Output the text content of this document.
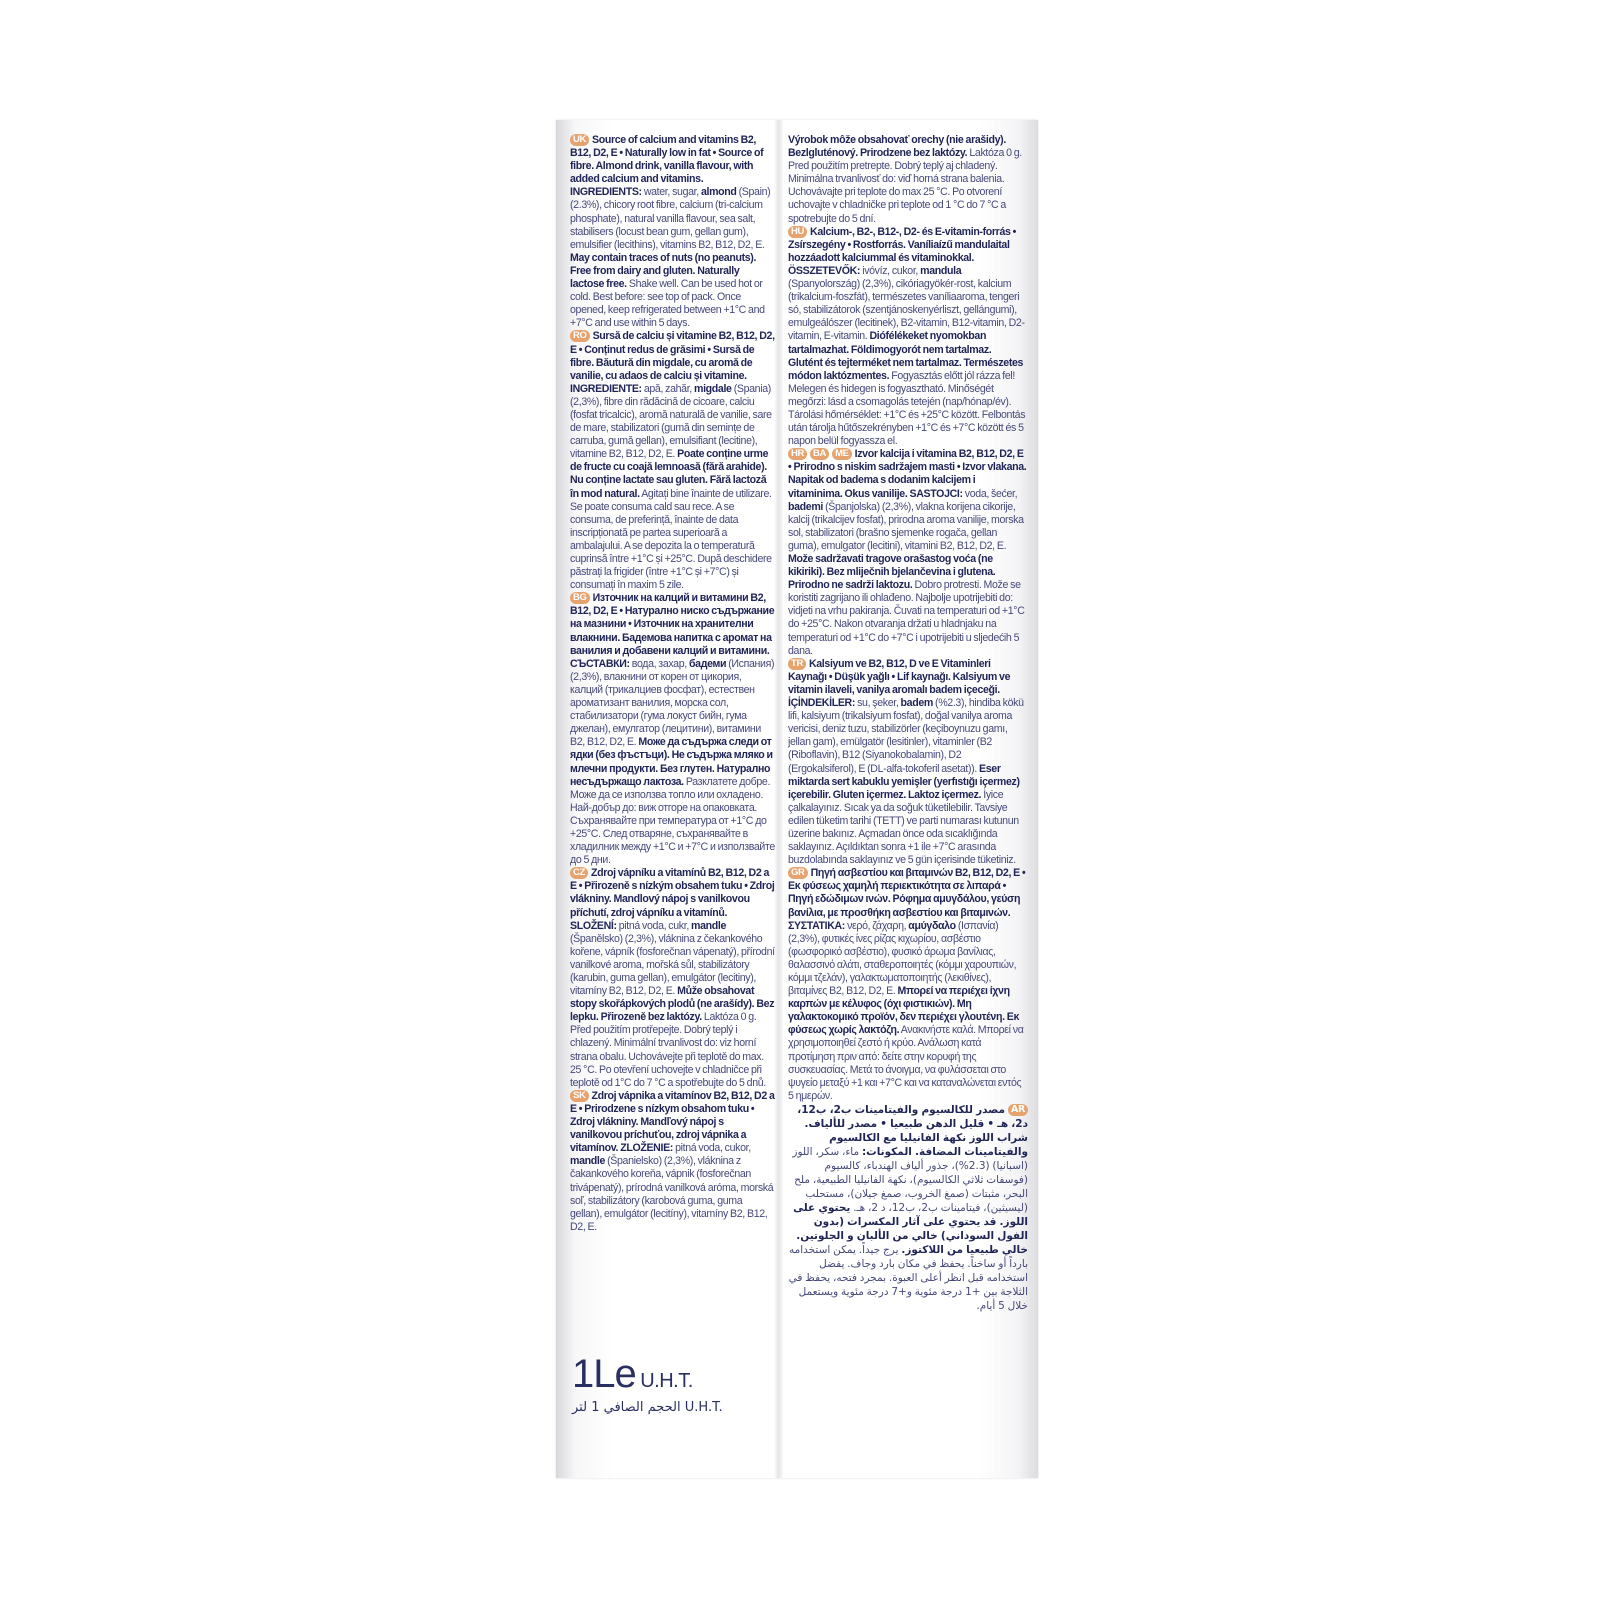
UK Source of calcium and vitamins B2, B12, D2, E • Naturally low in fat • Source of fibre. Almond drink, vanilla flavour, with added calcium and vitamins. INGREDIENTS: water, sugar, almond (Spain) (2.3%), chicory root fibre, calcium (tri-calcium phosphate), natural vanilla flavour, sea salt, stabilisers (locust bean gum, gellan gum), emulsifier (lecithins), vitamins B2, B12, D2, E. May contain traces of nuts (no peanuts). Free from dairy and gluten. Naturally lactose free. Shake well. Can be used hot or cold. Best before: see top of pack. Once opened, keep refrigerated between +1°C and +7°C and use within 5 days.

RO Sursă de calciu și vitamine B2, B12, D2, E • Conținut redus de grăsimi • Sursă de fibre. Băutură din migdale, cu aromă de vanilie, cu adaos de calciu și vitamine. INGREDIENTE: apă, zahăr, migdale (Spania) (2,3%), fibre din rădăcină de cicoare, calciu (fosfat tricalcic), aromă naturală de vanilie, sare de mare, stabilizatori (gumă din semințe de carruba, gumă gellan), emulsifiant (lecitine), vitamine B2, B12, D2, E. Poate conține urme de fructe cu coajă lemnoasă (fără arahide). Nu conține lactate sau gluten. Fără lactoză în mod natural. Agitați bine înainte de utilizare. Se poate consuma cald sau rece. A se consuma, de preferință, înainte de data inscripționată pe partea superioară a ambalajului. A se depozita la o temperatură cuprinsă între +1°C și +25°C. După deschidere păstrați la frigider (între +1°C și +7°C) și consumați în maxim 5 zile.

BG Източник на калций и витамини B2, B12, D2, E • Натурално ниско съдържание на мазнини • Източник на хранителни влакнини. Бадемова напитка с аромат на ванилия и добавени калций и витамини. СЪСТАВКИ: вода, захар, бадеми (Испания) (2,3%), влакнини от корен от цикория, калций (трикалциев фосфат), естествен аромaтизант ванилия, морска сол, стабилизатори (гума локуст бийн, гума джелан), емулгатор (лецитини), витамини B2, B12, D2, E. Може да съдържа следи от ядки (без фъстъци). Не съдържа мляко и млечни продукти. Без глутен. Натурално несъдържащо лактоза. Разклатете добре. Може да се използва топло или охладено. Най-добър до: виж отгоре на опаковката. Съхранявайте при температура от +1°C до +25°C. След отваряне, съхранявайте в хладилник между +1°C и +7°C и използвайте до 5 дни.

CZ Zdroj vápníku a vitamínů B2, B12, D2 a E • Přirozeně s nízkým obsahem tuku • Zdroj vlákniny. Mandlový nápoj s vanilkovou příchutí, zdroj vápníku a vitamínů. SLOŽENÍ: pitná voda, cukr, mandle (Španělsko) (2,3%), vláknina z čekankového kořene, vápník (fosforečnan vápenatý), přírodní vanilkové aroma, mořská sůl, stabilizátory (karubin, guma gellan), emulgátor (lecitiny), vitamíny B2, B12, D2, E. Může obsahovat stopy skořápkových plodů (ne arašídy). Bez lepku. Přirozeně bez laktózy. Laktóza 0 g. Před použitím protřepejte. Dobrý teplý i chlazený. Minimální trvanlivost do: viz horní strana obalu. Uchovávejte při teplotě do max. 25 °C. Po otevření uchovejte v chladničce při teplotě od 1°C do 7 °C a spotřebujte do 5 dnů.

SK Zdroj vápnika a vitamínov B2, B12, D2 a E • Prirodzene s nízkym obsahom tuku • Zdroj vlákniny. Mandľový nápoj s vanilkovou príchuťou, zdroj vápnika a vitamínov. ZLOŽENIE: pitná voda, cukor, mandle (Španielsko) (2,3%), vláknina z čakankového koreňa, vápnik (fosforečnan trivápenatý), prírodná vanilková aróma, morská soľ, stabilizátory (karobová guma, guma gellan), emulgátor (lecitíny), vitamíny B2, B12, D2, E.

Výrobok môže obsahovať orechy (nie arašidy). Bezlgluténový. Prirodzene bez laktózy. Laktóza 0 g. Pred použitím pretrepte. Dobrý teplý aj chladený. Minimálna trvanlivosť do: viď horná strana balenia. Uchovávajte pri teplote do max 25 °C. Po otvorení uchovajte v chladničke pri teplote od 1 °C do 7 °C a spotrebujte do 5 dní.

HU Kalcium-, B2-, B12-, D2- és E-vitamin-forrás • Zsírszegény • Rostforrás. Vaníliaízű mandulaital hozzáadott kalciummal és vitaminokkal. ÖSSZETEVŐK: ivóvíz, cukor, mandula (Spanyolország) (2,3%), cikóriagyökér-rost, kalcium (trikalcium-foszfát), természetes vaníliaaroma, tengeri só, stabilizátorok (szentjánoskenyérliszt, gellángumi), emulgeálószer (lecitinek), B2-vitamin, B12-vitamin, D2-vitamin, E-vitamin. Diófélékeket nyomokban tartalmazhat. Földimogyorót nem tartalmaz. Glutént és tejterméket nem tartalmaz. Természetes módon laktózmentes. Fogyasztás előtt jól rázza fel! Melegen és hidegen is fogyasztható. Minőségét megőrzi: lásd a csomagolás tetején (nap/hónap/év). Tárolási hőmérséklet: +1°C és +25°C között. Felbontás után tárolja hűtőszekrényben +1°C és +7°C között és 5 napon belül fogyassza el.

HR BA ME Izvor kalcija i vitamina B2, B12, D2, E • Prirodno s niskim sadržajem masti • Izvor vlakana. Napitak od badema s dodanim kalcijem i vitaminima. Okus vanilije. SASTOJCI: voda, šećer, bademi (Španjolska) (2,3%), vlakna korijena cikorije, kalcij (trikalcijev fosfat), prirodna aroma vanilije, morska sol, stabilizatori (brašno sjemenke rogača, gellan guma), emulgator (lecitini), vitamini B2, B12, D2, E. Može sadržavati tragove orašastog voća (ne kikiriki). Bez mliječnih bjelančevina i glutena. Prirodno ne sadrži laktozu. Dobro protresti. Može se koristiti zagrijano ili ohlađeno. Najbolje upotrijebiti do: vidjeti na vrhu pakiranja. Čuvati na temperaturi od +1°C do +25°C. Nakon otvaranja držati u hladnjaku na temperaturi od +1°C do +7°C i upotrijebiti u sljedećih 5 dana.

TR Kalsiyum ve B2, B12, D ve E Vitaminleri Kaynağı • Düşük yağlı • Lif kaynağı. Kalsiyum ve vitamin ilaveli, vanilya aromalı badem içeceği. İÇİNDEKİLER: su, şeker, badem (%2.3), hindiba kökü lifi, kalsiyum (trikalsiyum fosfat), doğal vanilya aroma vericisi, deniz tuzu, stabilizörler (keçiboynuzu gamı, jellan gam), emülgatör (lesitinler), vitaminler (B2 (Riboflavin), B12 (Siyanokobalamin), D2 (Ergokalsiferol), E (DL-alfa-tokoferil asetat)). Eser miktarda sert kabuklu yemişler (yerfıstığı içermez) içerebilir. Gluten içermez. Laktoz içermez. İyice çalkalayınız. Sıcak ya da soğuk tüketilebilir. Tavsiye edilen tüketim tarihi (TETT) ve parti numarası kutunun üzerine bakınız. Açmadan önce oda sıcaklığında saklayınız. Açıldıktan sonra +1 ile +7°C arasında buzdolabında saklayınız ve 5 gün içerisinde tüketiniz.

GR Πηγή ασβεστίου και βιταμινών B2, B12, D2, E • Εκ φύσεως χαμηλή περιεκτικότητα σε λιπαρά • Πηγή εδώδιμων ινών. Ρόφημα αμυγδάλου, γεύση βανίλια, με προσθήκη ασβεστίου και βιταμινών. ΣΥΣΤΑΤΙΚΑ: νερό, ζάχαρη, αμύγδαλο (Ισπανία) (2,3%), φυτικές ίνες ρίζας κιχωρίου, ασβέστιο (φωσφορικό ασβέστιο), φυσικό άρωμα βανίλιας, θαλασσινό αλάτι, σταθεροποιητές (κόμμι χαρουπιών, κόμμι τζελάν), γαλακτωματοποιητής (λεκιθίνες), βιταμίνες B2, B12, D2, E. Μπορεί να περιέχει ίχνη καρπών με κέλυφος (όχι φιστικιών). Μη γαλακτοκομικό προϊόν, δεν περιέχει γλουτένη. Εκ φύσεως χωρίς λακτόζη. Ανακινήστε καλά. Μπορεί να χρησιμοποιηθεί ζεστό ή κρύο. Ανάλωση κατά προτίμηση πριν από: δείτε στην κορυφή της συσκευασίας. Μετά το άνοιγμα, να φυλάσσεται στο ψυγείο μεταξύ +1 και +7°C και να καταναλώνεται εντός 5 ημερών.

ARمصدر للكالسيوم والفيتامينات ب2، ب12، د2، هـ • قليل الدهن طبيعيا • مصدر للألياف. شراب اللوز نكهة الفانيليا مع الكالسيوم والفيتامينات المضافة. المكونات: ماء، سكر، اللوز (اسبانيا) (2.3%)، جذور ألياف الهندباء، كالسيوم (فوسفات ثلاثي الكالسيوم)، نكهة الفانيليا الطبيعية، ملح البحر، مثبتات (صمغ الخروب، صمغ جيلان)، مستحلب (ليسيثين)، فيتامينات ب2، ب12، د 2، هـ. يحتوي على اللوز. قد يحتوي على آثار المكسرات (بدون الفول السوداني) خالي من الألبان و الجلوتين. خالي طبيعيا من اللاكتوز. يرج جيداً. يمكن استخدامه بارداً أو ساخناً. يحفظ في مكان بارد وجاف. يفضل استخدامه قبل انظر أعلى العبوة. بمجرد فتحه، يحفظ في الثلاجة بين +1 درجة مئوية و+7 درجة مئوية ويستعمل خلال 5 أيام.

1Le U.H.T.
الحجم الصافي 1 لتر U.H.T.
